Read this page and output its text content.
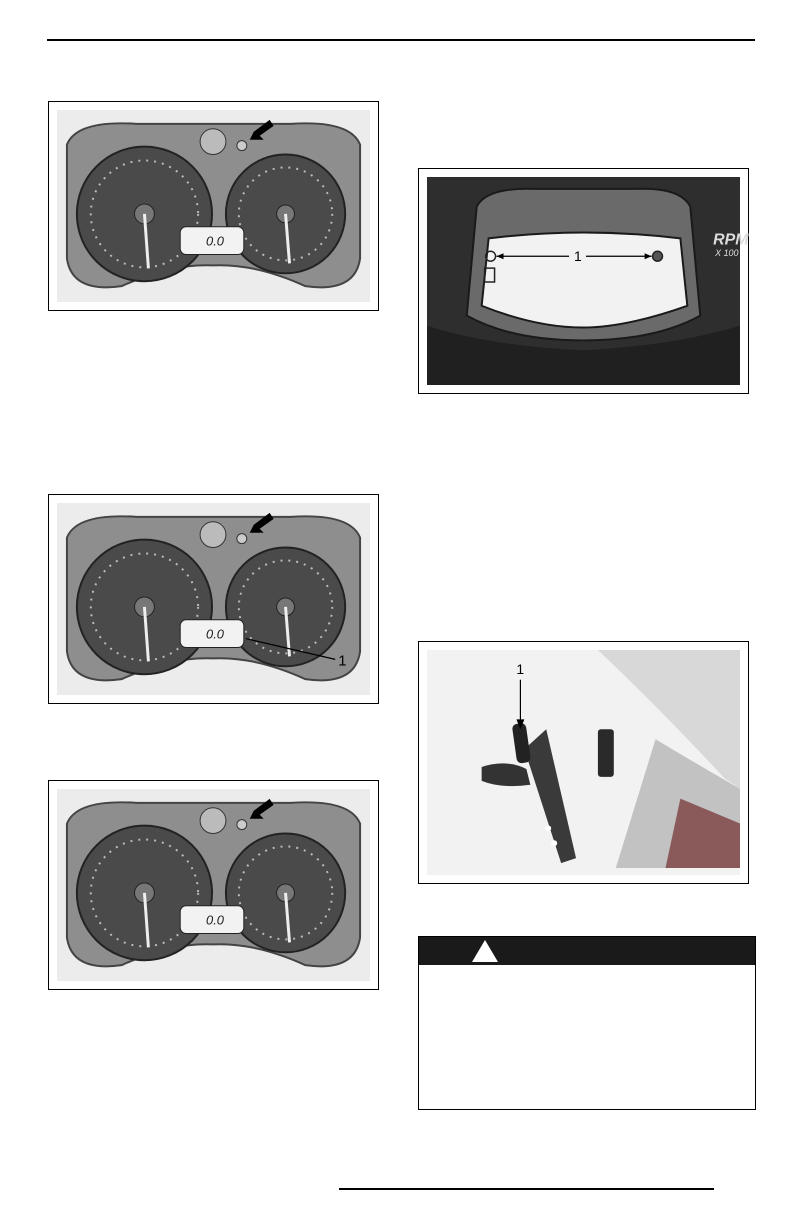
0.0
0.0
1
0.0
1
RPM
X 100
1
